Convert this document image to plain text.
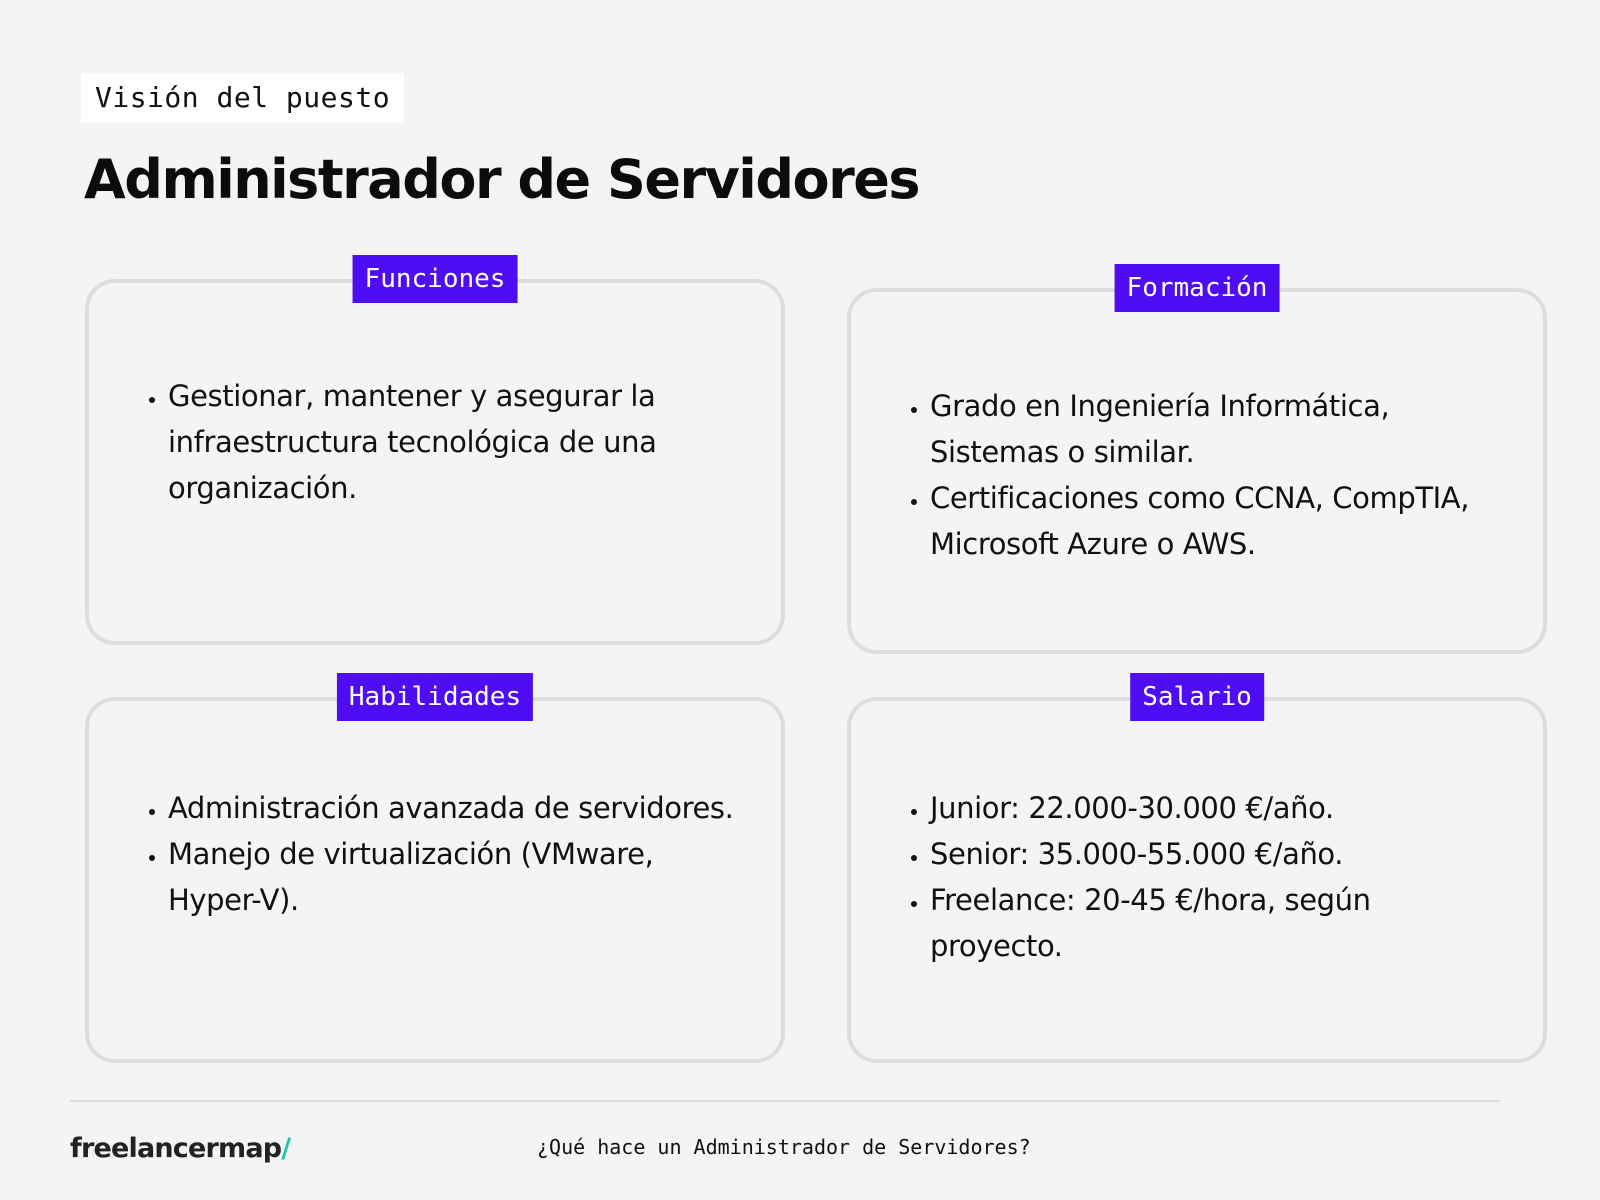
Visión del puesto
Administrador de Servidores
Funciones
• Gestionar, mantener y asegurar la infraestructura tecnológica de una organización.
Formación
• Grado en Ingeniería Informática, Sistemas o similar.
• Certificaciones como CCNA, CompTIA, Microsoft Azure o AWS.
Habilidades
• Administración avanzada de servidores.
• Manejo de virtualización (VMware, Hyper-V).
Salario
• Junior: 22.000-30.000 €/año.
• Senior: 35.000-55.000 €/año.
• Freelance: 20-45 €/hora, según proyecto.
freelancermap/	¿Qué hace un Administrador de Servidores?
